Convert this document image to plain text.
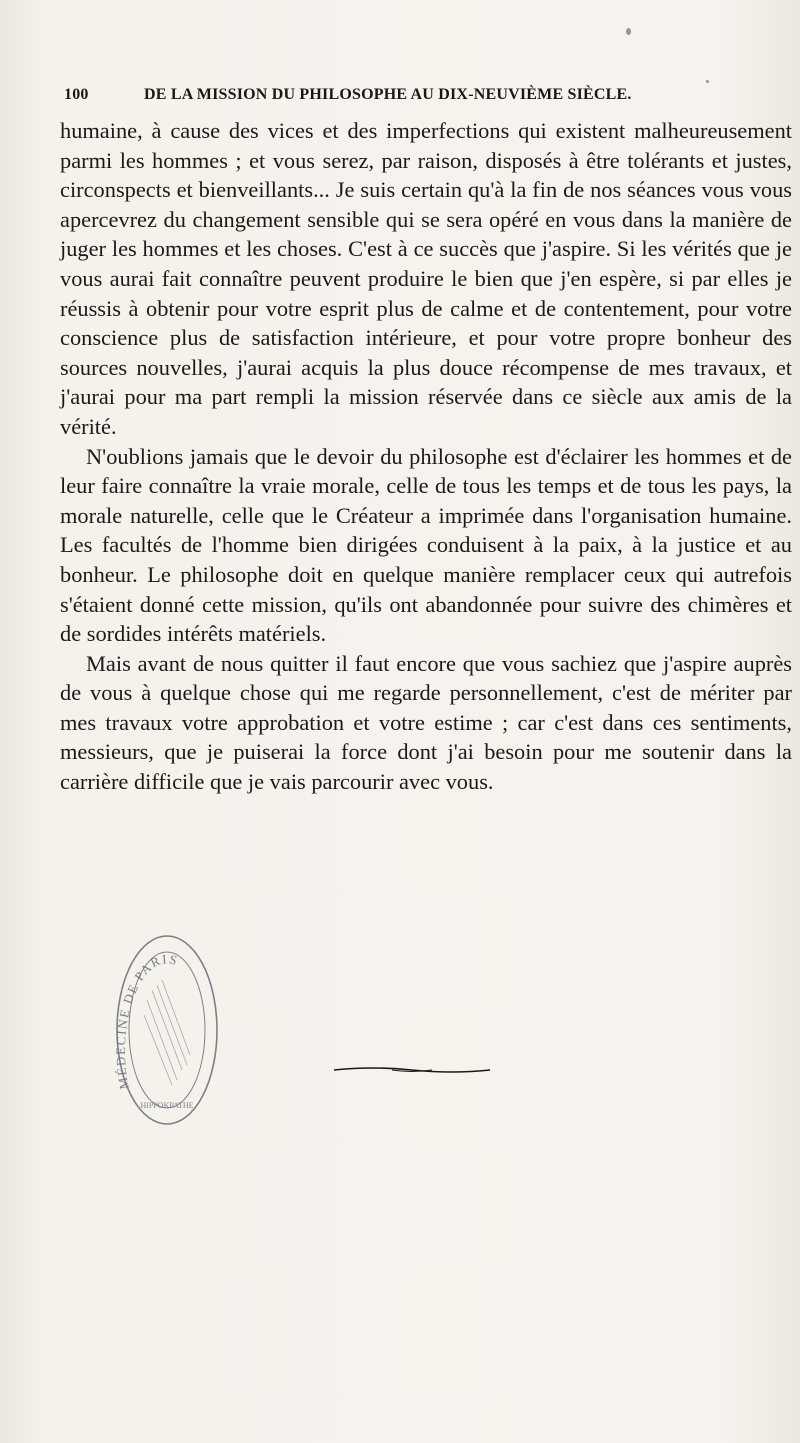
100	DE LA MISSION DU PHILOSOPHE AU DIX-NEUVIÈME SIÈCLE.

humaine, à cause des vices et des imperfections qui existent malheureusement parmi les hommes ; et vous serez, par raison, disposés à être tolérants et justes, circonspects et bienveillants... Je suis certain qu'à la fin de nos séances vous vous apercevrez du changement sensible qui se sera opéré en vous dans la manière de juger les hommes et les choses. C'est à ce succès que j'aspire. Si les vérités que je vous aurai fait connaître peuvent produire le bien que j'en espère, si par elles je réussis à obtenir pour votre esprit plus de calme et de contentement, pour votre conscience plus de satisfaction intérieure, et pour votre propre bonheur des sources nouvelles, j'aurai acquis la plus douce récompense de mes travaux, et j'aurai pour ma part rempli la mission réservée dans ce siècle aux amis de la vérité.

N'oublions jamais que le devoir du philosophe est d'éclairer les hommes et de leur faire connaître la vraie morale, celle de tous les temps et de tous les pays, la morale naturelle, celle que le Créateur a imprimée dans l'organisation humaine. Les facultés de l'homme bien dirigées conduisent à la paix, à la justice et au bonheur. Le philosophe doit en quelque manière remplacer ceux qui autrefois s'étaient donné cette mission, qu'ils ont abandonnée pour suivre des chimères et de sordides intérêts matériels.

Mais avant de nous quitter il faut encore que vous sachiez que j'aspire auprès de vous à quelque chose qui me regarde personnellement, c'est de mériter par mes travaux votre approbation et votre estime ; car c'est dans ces sentiments, messieurs, que je puiserai la force dont j'ai besoin pour me soutenir dans la carrière difficile que je vais parcourir avec vous.

MÉDECINE DE PARIS
HIPPOKPATHE
